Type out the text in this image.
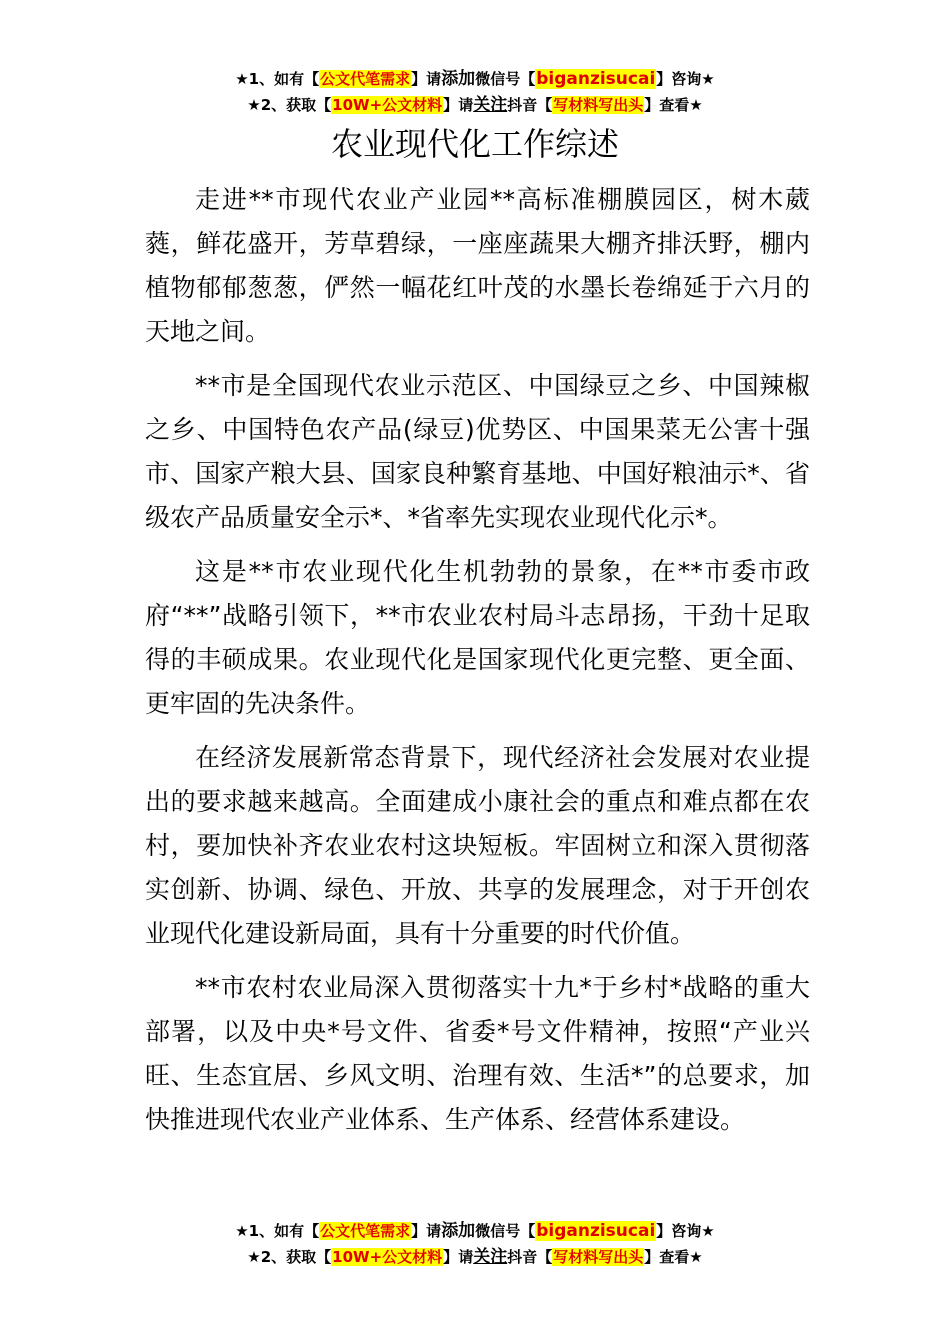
★1、如有【公文代笔需求】请添加微信号【biganzisucai】咨询★
★2、获取【10W+公文材料】请关注抖音【写材料写出头】查看★
农业现代化工作综述

走进**市现代农业产业园**高标准棚膜园区，树木葳蕤，鲜花盛开，芳草碧绿，一座座蔬果大棚齐排沃野，棚内植物郁郁葱葱，俨然一幅花红叶茂的水墨长卷绵延于六月的天地之间。

**市是全国现代农业示范区、中国绿豆之乡、中国辣椒之乡、中国特色农产品(绿豆)优势区、中国果菜无公害十强市、国家产粮大县、国家良种繁育基地、中国好粮油示*、省级农产品质量安全示*、*省率先实现农业现代化示*。

这是**市农业现代化生机勃勃的景象，在**市委市政府“**”战略引领下，**市农业农村局斗志昂扬，干劲十足取得的丰硕成果。农业现代化是国家现代化更完整、更全面、更牢固的先决条件。

在经济发展新常态背景下，现代经济社会发展对农业提出的要求越来越高。全面建成小康社会的重点和难点都在农村，要加快补齐农业农村这块短板。牢固树立和深入贯彻落实创新、协调、绿色、开放、共享的发展理念，对于开创农业现代化建设新局面，具有十分重要的时代价值。

**市农村农业局深入贯彻落实十九*于乡村*战略的重大部署，以及中央*号文件、省委*号文件精神，按照“产业兴旺、生态宜居、乡风文明、治理有效、生活*”的总要求，加快推进现代农业产业体系、生产体系、经营体系建设。

★1、如有【公文代笔需求】请添加微信号【biganzisucai】咨询★
★2、获取【10W+公文材料】请关注抖音【写材料写出头】查看★
